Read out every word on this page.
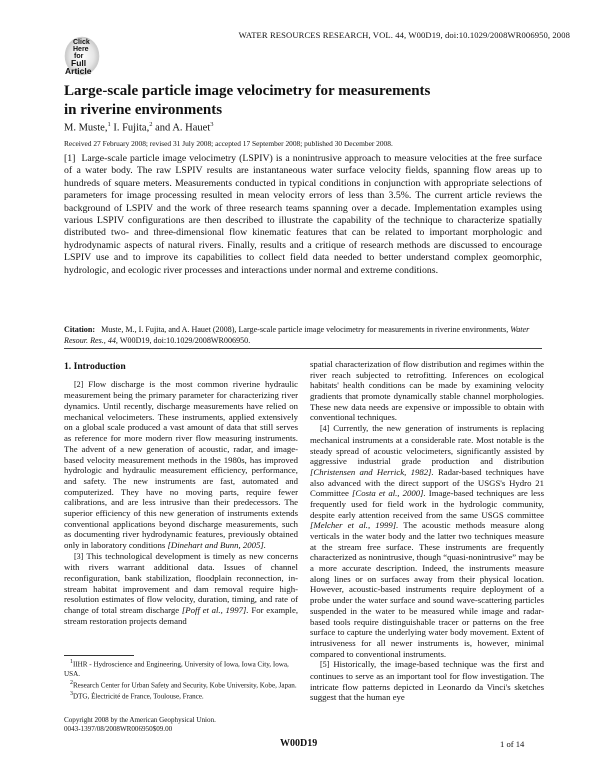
WATER RESOURCES RESEARCH, VOL. 44, W00D19, doi:10.1029/2008WR006950, 2008
Click
Here
for
Full
Article
Large-scale particle image velocimetry for measurements
in riverine environments
M. Muste,$^1$ I. Fujita,$^2$ and A. Hauet$^3$
Received 27 February 2008; revised 31 July 2008; accepted 17 September 2008; published 30 December 2008.
[1] Large-scale particle image velocimetry (LSPIV) is a nonintrusive approach to measure velocities at the free surface of a water body. The raw LSPIV results are instantaneous water surface velocity fields, spanning flow areas up to hundreds of square meters. Measurements conducted in typical conditions in conjunction with appropriate selections of parameters for image processing resulted in mean velocity errors of less than 3.5%. The current article reviews the background of LSPIV and the work of three research teams spanning over a decade. Implementation examples using various LSPIV configurations are then described to illustrate the capability of the technique to characterize spatially distributed two- and three-dimensional flow kinematic features that can be related to important morphologic and hydrodynamic aspects of natural rivers. Finally, results and a critique of research methods are discussed to encourage LSPIV use and to improve its capabilities to collect field data needed to better understand complex geomorphic, hydrologic, and ecologic river processes and interactions under normal and extreme conditions.
Citation: Muste, M., I. Fujita, and A. Hauet (2008), Large-scale particle image velocimetry for measurements in riverine environments, Water Resour. Res., 44, W00D19, doi:10.1029/2008WR006950.

1. Introduction

[2] Flow discharge is the most common riverine hydraulic measurement being the primary parameter for characterizing river dynamics. Until recently, discharge measurements have relied on mechanical velocimeters. These instruments, applied extensively on a global scale produced a vast amount of data that still serves as reference for more modern river flow measuring instruments. The advent of a new generation of acoustic, radar, and image-based velocity measurement methods in the 1980s, has improved hydrologic and hydraulic measurement efficiency, performance, and safety. The new instruments are fast, automated and computerized. They have no moving parts, require fewer calibrations, and are less intrusive than their predecessors. The superior efficiency of this new generation of instruments extends conventional applications beyond discharge measurements, such as documenting river hydrodynamic features, previously obtained only in laboratory conditions [Dinehart and Bunn, 2005].

[3] This technological development is timely as new concerns with rivers warrant additional data. Issues of channel reconfiguration, bank stabilization, floodplain reconnection, in-stream habitat improvement and dam removal require high-resolution estimates of flow velocity, duration, timing, and rate of change of total stream discharge [Poff et al., 1997]. For example, stream restoration projects demand

spatial characterization of flow distribution and regimes within the river reach subjected to retrofitting. Inferences on ecological habitats' health conditions can be made by examining velocity gradients that promote dynamically stable channel morphologies. These new data needs are expensive or impossible to obtain with conventional techniques.

[4] Currently, the new generation of instruments is replacing mechanical instruments at a considerable rate. Most notable is the steady spread of acoustic velocimeters, significantly assisted by aggressive industrial grade production and distribution [Christensen and Herrick, 1982]. Radar-based techniques have also advanced with the direct support of the USGS's Hydro 21 Committee [Costa et al., 2000]. Image-based techniques are less frequently used for field work in the hydrologic community, despite early attention received from the same USGS committee [Melcher et al., 1999]. The acoustic methods measure along verticals in the water body and the latter two techniques measure at the stream free surface. These instruments are frequently characterized as nonintrusive, though “quasi-nonintrusive” may be a more accurate description. Indeed, the instruments measure along lines or on surfaces away from their physical location. However, acoustic-based instruments require deployment of a probe under the water surface and sound wave-scattering particles suspended in the water to be measured while image and radar-based tools require distinguishable tracer or patterns on the free surface to capture the underlying water body movement. Extent of intrusiveness for all newer instruments is, however, minimal compared to conventional instruments.

[5] Historically, the image-based technique was the first and continues to serve as an important tool for flow investigation. The intricate flow patterns depicted in Leonardo da Vinci's sketches suggest that the human eye

$^1$IIHR - Hydroscience and Engineering, University of Iowa, Iowa City, Iowa, USA.
$^2$Research Center for Urban Safety and Security, Kobe University, Kobe, Japan.
$^3$DTG, Électricité de France, Toulouse, France.
Copyright 2008 by the American Geophysical Union.
0043-1397/08/2008WR006950$09.00
W00D19	1 of 14
